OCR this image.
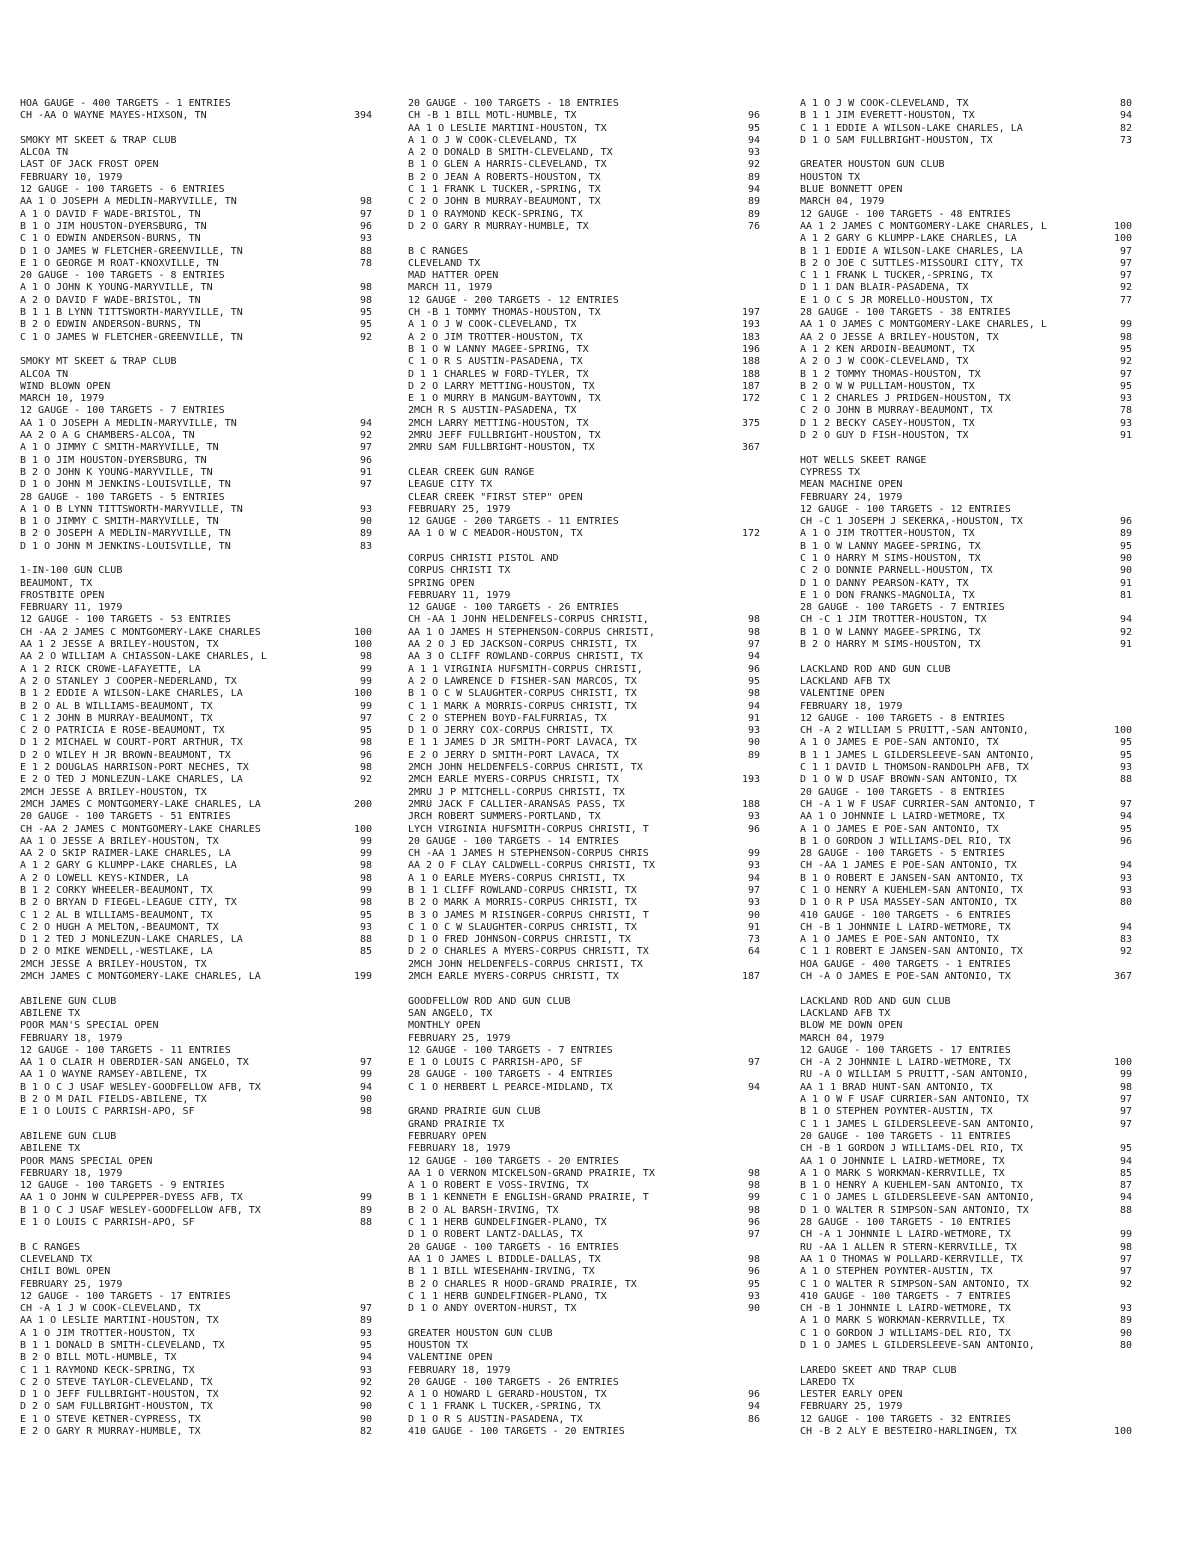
HOA GAUGE - 400 TARGETS - 1 ENTRIES
CH -AA O WAYNE MAYES-HIXSON, TN	394
SMOKY MT SKEET & TRAP CLUB
ALCOA TN
LAST OF JACK FROST OPEN
FEBRUARY 10, 1979
12 GAUGE - 100 TARGETS - 6 ENTRIES
AA 1 O JOSEPH A MEDLIN-MARYVILLE, TN	98
A 1 O DAVID F WADE-BRISTOL, TN	97
B 1 O JIM HOUSTON-DYERSBURG, TN	96
C 1 O EDWIN ANDERSON-BURNS, TN	93
D 1 O JAMES W FLETCHER-GREENVILLE, TN	88
E 1 O GEORGE M ROAT-KNOXVILLE, TN	78
20 GAUGE - 100 TARGETS - 8 ENTRIES
A 1 O JOHN K YOUNG-MARYVILLE, TN	98
A 2 O DAVID F WADE-BRISTOL, TN	98
B 1 1 B LYNN TITTSWORTH-MARYVILLE, TN	95
B 2 O EDWIN ANDERSON-BURNS, TN	95
C 1 O JAMES W FLETCHER-GREENVILLE, TN	92
SMOKY MT SKEET & TRAP CLUB
ALCOA TN
WIND BLOWN OPEN
MARCH 10, 1979
12 GAUGE - 100 TARGETS - 7 ENTRIES
AA 1 O JOSEPH A MEDLIN-MARYVILLE, TN	94
AA 2 O A G CHAMBERS-ALCOA, TN	92
A 1 O JIMMY C SMITH-MARYVILLE, TN	97
B 1 O JIM HOUSTON-DYERSBURG, TN	96
B 2 O JOHN K YOUNG-MARYVILLE, TN	91
D 1 O JOHN M JENKINS-LOUISVILLE, TN	97
28 GAUGE - 100 TARGETS - 5 ENTRIES
A 1 O B LYNN TITTSWORTH-MARYVILLE, TN	93
B 1 O JIMMY C SMITH-MARYVILLE, TN	90
B 2 O JOSEPH A MEDLIN-MARYVILLE, TN	89
D 1 O JOHN M JENKINS-LOUISVILLE, TN	83
1-IN-100 GUN CLUB
BEAUMONT, TX
FROSTBITE OPEN
FEBRUARY 11, 1979
12 GAUGE - 100 TARGETS - 53 ENTRIES
CH -AA 2 JAMES C MONTGOMERY-LAKE CHARLES	100
AA 1 2 JESSE A BRILEY-HOUSTON, TX	100
AA 2 O WILLIAM A CHIASSON-LAKE CHARLES, L	98
A 1 2 RICK CROWE-LAFAYETTE, LA	99
A 2 O STANLEY J COOPER-NEDERLAND, TX	99
B 1 2 EDDIE A WILSON-LAKE CHARLES, LA	100
B 2 O AL B WILLIAMS-BEAUMONT, TX	99
C 1 2 JOHN B MURRAY-BEAUMONT, TX	97
C 2 O PATRICIA E ROSE-BEAUMONT, TX	95
D 1 2 MICHAEL W COURT-PORT ARTHUR, TX	98
D 2 O WILEY H JR BROWN-BEAUMONT, TX	96
E 1 2 DOUGLAS HARRISON-PORT NECHES, TX	98
E 2 O TED J MONLEZUN-LAKE CHARLES, LA	92
2MCH JESSE A BRILEY-HOUSTON, TX
2MCH JAMES C MONTGOMERY-LAKE CHARLES, LA	200
20 GAUGE - 100 TARGETS - 51 ENTRIES
CH -AA 2 JAMES C MONTGOMERY-LAKE CHARLES	100
AA 1 O JESSE A BRILEY-HOUSTON, TX	99
AA 2 O SKIP RAIMER-LAKE CHARLES, LA	99
A 1 2 GARY G KLUMPP-LAKE CHARLES, LA	98
A 2 O LOWELL KEYS-KINDER, LA	98
B 1 2 CORKY WHEELER-BEAUMONT, TX	99
B 2 O BRYAN D FIEGEL-LEAGUE CITY, TX	98
C 1 2 AL B WILLIAMS-BEAUMONT, TX	95
C 2 O HUGH A MELTON,-BEAUMONT, TX	93
D 1 2 TED J MONLEZUN-LAKE CHARLES, LA	88
D 2 O MIKE WENDELL,-WESTLAKE, LA	85
2MCH JESSE A BRILEY-HOUSTON, TX
2MCH JAMES C MONTGOMERY-LAKE CHARLES, LA	199
ABILENE GUN CLUB
ABILENE TX
POOR MAN'S SPECIAL OPEN
FEBRUARY 18, 1979
12 GAUGE - 100 TARGETS - 11 ENTRIES
AA 1 O CLAIR H OBERDIER-SAN ANGELO, TX	97
AA 1 O WAYNE RAMSEY-ABILENE, TX	99
B 1 O C J USAF WESLEY-GOODFELLOW AFB, TX	94
B 2 O M DAIL FIELDS-ABILENE, TX	90
E 1 O LOUIS C PARRISH-APO, SF	98
ABILENE GUN CLUB
ABILENE TX
POOR MANS SPECIAL OPEN
FEBRUARY 18, 1979
12 GAUGE - 100 TARGETS - 9 ENTRIES
AA 1 O JOHN W CULPEPPER-DYESS AFB, TX	99
B 1 O C J USAF WESLEY-GOODFELLOW AFB, TX	89
E 1 O LOUIS C PARRISH-APO, SF	88
B C RANGES
CLEVELAND TX
CHILI BOWL OPEN
FEBRUARY 25, 1979
12 GAUGE - 100 TARGETS - 17 ENTRIES
CH -A 1 J W COOK-CLEVELAND, TX	97
AA 1 O LESLIE MARTINI-HOUSTON, TX	89
A 1 O JIM TROTTER-HOUSTON, TX	93
B 1 1 DONALD B SMITH-CLEVELAND, TX	95
B 2 O BILL MOTL-HUMBLE, TX	94
C 1 1 RAYMOND KECK-SPRING, TX	93
C 2 O STEVE TAYLOR-CLEVELAND, TX	92
D 1 O JEFF FULLBRIGHT-HOUSTON, TX	92
D 2 O SAM FULLBRIGHT-HOUSTON, TX	90
E 1 O STEVE KETNER-CYPRESS, TX	90
E 2 O GARY R MURRAY-HUMBLE, TX	82
20 GAUGE - 100 TARGETS - 18 ENTRIES
CH -B 1 BILL MOTL-HUMBLE, TX	96
AA 1 O LESLIE MARTINI-HOUSTON, TX	95
A 1 O J W COOK-CLEVELAND, TX	94
A 2 O DONALD B SMITH-CLEVELAND, TX	93
B 1 O GLEN A HARRIS-CLEVELAND, TX	92
B 2 O JEAN A ROBERTS-HOUSTON, TX	89
C 1 1 FRANK L TUCKER,-SPRING, TX	94
C 2 O JOHN B MURRAY-BEAUMONT, TX	89
D 1 O RAYMOND KECK-SPRING, TX	89
D 2 O GARY R MURRAY-HUMBLE, TX	76
B C RANGES
CLEVELAND TX
MAD HATTER OPEN
MARCH 11, 1979
12 GAUGE - 200 TARGETS - 12 ENTRIES
CH -B 1 TOMMY THOMAS-HOUSTON, TX	197
A 1 O J W COOK-CLEVELAND, TX	193
A 2 O JIM TROTTER-HOUSTON, TX	183
B 1 O W LANNY MAGEE-SPRING, TX	196
C 1 O R S AUSTIN-PASADENA, TX	188
D 1 1 CHARLES W FORD-TYLER, TX	188
D 2 O LARRY METTING-HOUSTON, TX	187
E 1 O MURRY B MANGUM-BAYTOWN, TX	172
2MCH R S AUSTIN-PASADENA, TX
2MCH LARRY METTING-HOUSTON, TX	375
2MRU JEFF FULLBRIGHT-HOUSTON, TX
2MRU SAM FULLBRIGHT-HOUSTON, TX	367
CLEAR CREEK GUN RANGE
LEAGUE CITY TX
CLEAR CREEK "FIRST STEP" OPEN
FEBRUARY 25, 1979
12 GAUGE - 200 TARGETS - 11 ENTRIES
AA 1 O W C MEADOR-HOUSTON, TX	172
CORPUS CHRISTI PISTOL AND
CORPUS CHRISTI TX
SPRING OPEN
FEBRUARY 11, 1979
12 GAUGE - 100 TARGETS - 26 ENTRIES
CH -AA 1 JOHN HELDENFELS-CORPUS CHRISTI,	98
AA 1 O JAMES H STEPHENSON-CORPUS CHRISTI,	98
AA 2 O J ED JACKSON-CORPUS CHRISTI, TX	97
AA 3 O CLIFF ROWLAND-CORPUS CHRISTI, TX	94
A 1 1 VIRGINIA HUFSMITH-CORPUS CHRISTI,	96
A 2 O LAWRENCE D FISHER-SAN MARCOS, TX	95
B 1 O C W SLAUGHTER-CORPUS CHRISTI, TX	98
C 1 1 MARK A MORRIS-CORPUS CHRISTI, TX	94
C 2 O STEPHEN BOYD-FALFURRIAS, TX	91
D 1 O JERRY COX-CORPUS CHRISTI, TX	93
E 1 1 JAMES D JR SMITH-PORT LAVACA, TX	90
E 2 O JERRY D SMITH-PORT LAVACA, TX	89
2MCH JOHN HELDENFELS-CORPUS CHRISTI, TX
2MCH EARLE MYERS-CORPUS CHRISTI, TX	193
2MRU J P MITCHELL-CORPUS CHRISTI, TX
2MRU JACK F CALLIER-ARANSAS PASS, TX	188
JRCH ROBERT SUMMERS-PORTLAND, TX	93
LYCH VIRGINIA HUFSMITH-CORPUS CHRISTI, T	96
20 GAUGE - 100 TARGETS - 14 ENTRIES
CH -AA 1 JAMES H STEPHENSON-CORPUS CHRIS	99
AA 2 O F CLAY CALDWELL-CORPUS CHRISTI, TX	93
A 1 O EARLE MYERS-CORPUS CHRISTI, TX	94
B 1 1 CLIFF ROWLAND-CORPUS CHRISTI, TX	97
B 2 O MARK A MORRIS-CORPUS CHRISTI, TX	93
B 3 O JAMES M RISINGER-CORPUS CHRISTI, T	90
C 1 O C W SLAUGHTER-CORPUS CHRISTI, TX	91
D 1 O FRED JOHNSON-CORPUS CHRISTI, TX	73
D 2 O CHARLES A MYERS-CORPUS CHRISTI, TX	64
2MCH JOHN HELDENFELS-CORPUS CHRISTI, TX
2MCH EARLE MYERS-CORPUS CHRISTI, TX	187
GOODFELLOW ROD AND GUN CLUB
SAN ANGELO, TX
MONTHLY OPEN
FEBRUARY 25, 1979
12 GAUGE - 100 TARGETS - 7 ENTRIES
E 1 O LOUIS C PARRISH-APO, SF	97
28 GAUGE - 100 TARGETS - 4 ENTRIES
C 1 O HERBERT L PEARCE-MIDLAND, TX	94
GRAND PRAIRIE GUN CLUB
GRAND PRAIRIE TX
FEBRUARY OPEN
FEBRUARY 18, 1979
12 GAUGE - 100 TARGETS - 20 ENTRIES
AA 1 O VERNON MICKELSON-GRAND PRAIRIE, TX	98
A 1 O ROBERT E VOSS-IRVING, TX	98
B 1 1 KENNETH E ENGLISH-GRAND PRAIRIE, T	99
B 2 O AL BARSH-IRVING, TX	98
C 1 1 HERB GUNDELFINGER-PLANO, TX	96
D 1 O ROBERT LANTZ-DALLAS, TX	97
20 GAUGE - 100 TARGETS - 16 ENTRIES
AA 1 O JAMES L BIDDLE-DALLAS, TX	98
B 1 1 BILL WIESEHAHN-IRVING, TX	96
B 2 O CHARLES R HOOD-GRAND PRAIRIE, TX	95
C 1 1 HERB GUNDELFINGER-PLANO, TX	93
D 1 O ANDY OVERTON-HURST, TX	90
GREATER HOUSTON GUN CLUB
HOUSTON TX
VALENTINE OPEN
FEBRUARY 18, 1979
20 GAUGE - 100 TARGETS - 26 ENTRIES
A 1 O HOWARD L GERARD-HOUSTON, TX	96
C 1 1 FRANK L TUCKER,-SPRING, TX	94
D 1 O R S AUSTIN-PASADENA, TX	86
410 GAUGE - 100 TARGETS - 20 ENTRIES
A 1 O J W COOK-CLEVELAND, TX	80
B 1 1 JIM EVERETT-HOUSTON, TX	94
C 1 1 EDDIE A WILSON-LAKE CHARLES, LA	82
D 1 O SAM FULLBRIGHT-HOUSTON, TX	73
GREATER HOUSTON GUN CLUB
HOUSTON TX
BLUE BONNETT OPEN
MARCH 04, 1979
12 GAUGE - 100 TARGETS - 48 ENTRIES
AA 1 2 JAMES C MONTGOMERY-LAKE CHARLES, L	100
A 1 2 GARY G KLUMPP-LAKE CHARLES, LA	100
B 1 1 EDDIE A WILSON-LAKE CHARLES, LA	97
B 2 O JOE C SUTTLES-MISSOURI CITY, TX	97
C 1 1 FRANK L TUCKER,-SPRING, TX	97
D 1 1 DAN BLAIR-PASADENA, TX	92
E 1 O C S JR MORELLO-HOUSTON, TX	77
28 GAUGE - 100 TARGETS - 38 ENTRIES
AA 1 O JAMES C MONTGOMERY-LAKE CHARLES, L	99
AA 2 O JESSE A BRILEY-HOUSTON, TX	98
A 1 2 KEN ARDOIN-BEAUMONT, TX	95
A 2 O J W COOK-CLEVELAND, TX	92
B 1 2 TOMMY THOMAS-HOUSTON, TX	97
B 2 O W W PULLIAM-HOUSTON, TX	95
C 1 2 CHARLES J PRIDGEN-HOUSTON, TX	93
C 2 O JOHN B MURRAY-BEAUMONT, TX	78
D 1 2 BECKY CASEY-HOUSTON, TX	93
D 2 O GUY D FISH-HOUSTON, TX	91
HOT WELLS SKEET RANGE
CYPRESS TX
MEAN MACHINE OPEN
FEBRUARY 24, 1979
12 GAUGE - 100 TARGETS - 12 ENTRIES
CH -C 1 JOSEPH J SEKERKA,-HOUSTON, TX	96
A 1 O JIM TROTTER-HOUSTON, TX	89
B 1 O W LANNY MAGEE-SPRING, TX	95
C 1 O HARRY M SIMS-HOUSTON, TX	90
C 2 O DONNIE PARNELL-HOUSTON, TX	90
D 1 O DANNY PEARSON-KATY, TX	91
E 1 O DON FRANKS-MAGNOLIA, TX	81
28 GAUGE - 100 TARGETS - 7 ENTRIES
CH -C 1 JIM TROTTER-HOUSTON, TX	94
B 1 O W LANNY MAGEE-SPRING, TX	92
B 2 O HARRY M SIMS-HOUSTON, TX	91
LACKLAND ROD AND GUN CLUB
LACKLAND AFB TX
VALENTINE OPEN
FEBRUARY 18, 1979
12 GAUGE - 100 TARGETS - 8 ENTRIES
CH -A 2 WILLIAM S PRUITT,-SAN ANTONIO,	100
A 1 O JAMES E POE-SAN ANTONIO, TX	95
B 1 1 JAMES L GILDERSLEEVE-SAN ANTONIO,	95
C 1 1 DAVID L THOMSON-RANDOLPH AFB, TX	93
D 1 O W D USAF BROWN-SAN ANTONIO, TX	88
20 GAUGE - 100 TARGETS - 8 ENTRIES
CH -A 1 W F USAF CURRIER-SAN ANTONIO, T	97
AA 1 O JOHNNIE L LAIRD-WETMORE, TX	94
A 1 O JAMES E POE-SAN ANTONIO, TX	95
B 1 O GORDON J WILLIAMS-DEL RIO, TX	96
28 GAUGE - 100 TARGETS - 5 ENTRIES
CH -AA 1 JAMES E POE-SAN ANTONIO, TX	94
B 1 O ROBERT E JANSEN-SAN ANTONIO, TX	93
C 1 O HENRY A KUEHLEM-SAN ANTONIO, TX	93
D 1 O R P USA MASSEY-SAN ANTONIO, TX	80
410 GAUGE - 100 TARGETS - 6 ENTRIES
CH -B 1 JOHNNIE L LAIRD-WETMORE, TX	94
A 1 O JAMES E POE-SAN ANTONIO, TX	83
C 1 1 ROBERT E JANSEN-SAN ANTONIO, TX	92
HOA GAUGE - 400 TARGETS - 1 ENTRIES
CH -A O JAMES E POE-SAN ANTONIO, TX	367
LACKLAND ROD AND GUN CLUB
LACKLAND AFB TX
BLOW ME DOWN OPEN
MARCH 04, 1979
12 GAUGE - 100 TARGETS - 17 ENTRIES
CH -A 2 JOHNNIE L LAIRD-WETMORE, TX	100
RU -A O WILLIAM S PRUITT,-SAN ANTONIO,	99
AA 1 1 BRAD HUNT-SAN ANTONIO, TX	98
A 1 O W F USAF CURRIER-SAN ANTONIO, TX	97
B 1 O STEPHEN POYNTER-AUSTIN, TX	97
C 1 1 JAMES L GILDERSLEEVE-SAN ANTONIO,	97
20 GAUGE - 100 TARGETS - 11 ENTRIES
CH -B 1 GORDON J WILLIAMS-DEL RIO, TX	95
AA 1 O JOHNNIE L LAIRD-WETMORE, TX	94
A 1 O MARK S WORKMAN-KERRVILLE, TX	85
B 1 O HENRY A KUEHLEM-SAN ANTONIO, TX	87
C 1 O JAMES L GILDERSLEEVE-SAN ANTONIO,	94
D 1 O WALTER R SIMPSON-SAN ANTONIO, TX	88
28 GAUGE - 100 TARGETS - 10 ENTRIES
CH -A 1 JOHNNIE L LAIRD-WETMORE, TX	99
RU -AA 1 ALLEN R STERN-KERRVILLE, TX	98
AA 1 O THOMAS W POLLARD-KERRVILLE, TX	97
A 1 O STEPHEN POYNTER-AUSTIN, TX	97
C 1 O WALTER R SIMPSON-SAN ANTONIO, TX	92
410 GAUGE - 100 TARGETS - 7 ENTRIES
CH -B 1 JOHNNIE L LAIRD-WETMORE, TX	93
A 1 O MARK S WORKMAN-KERRVILLE, TX	89
C 1 O GORDON J WILLIAMS-DEL RIO, TX	90
D 1 O JAMES L GILDERSLEEVE-SAN ANTONIO,	80
LAREDO SKEET AND TRAP CLUB
LAREDO TX
LESTER EARLY OPEN
FEBRUARY 25, 1979
12 GAUGE - 100 TARGETS - 32 ENTRIES
CH -B 2 ALY E BESTEIRO-HARLINGEN, TX	100
